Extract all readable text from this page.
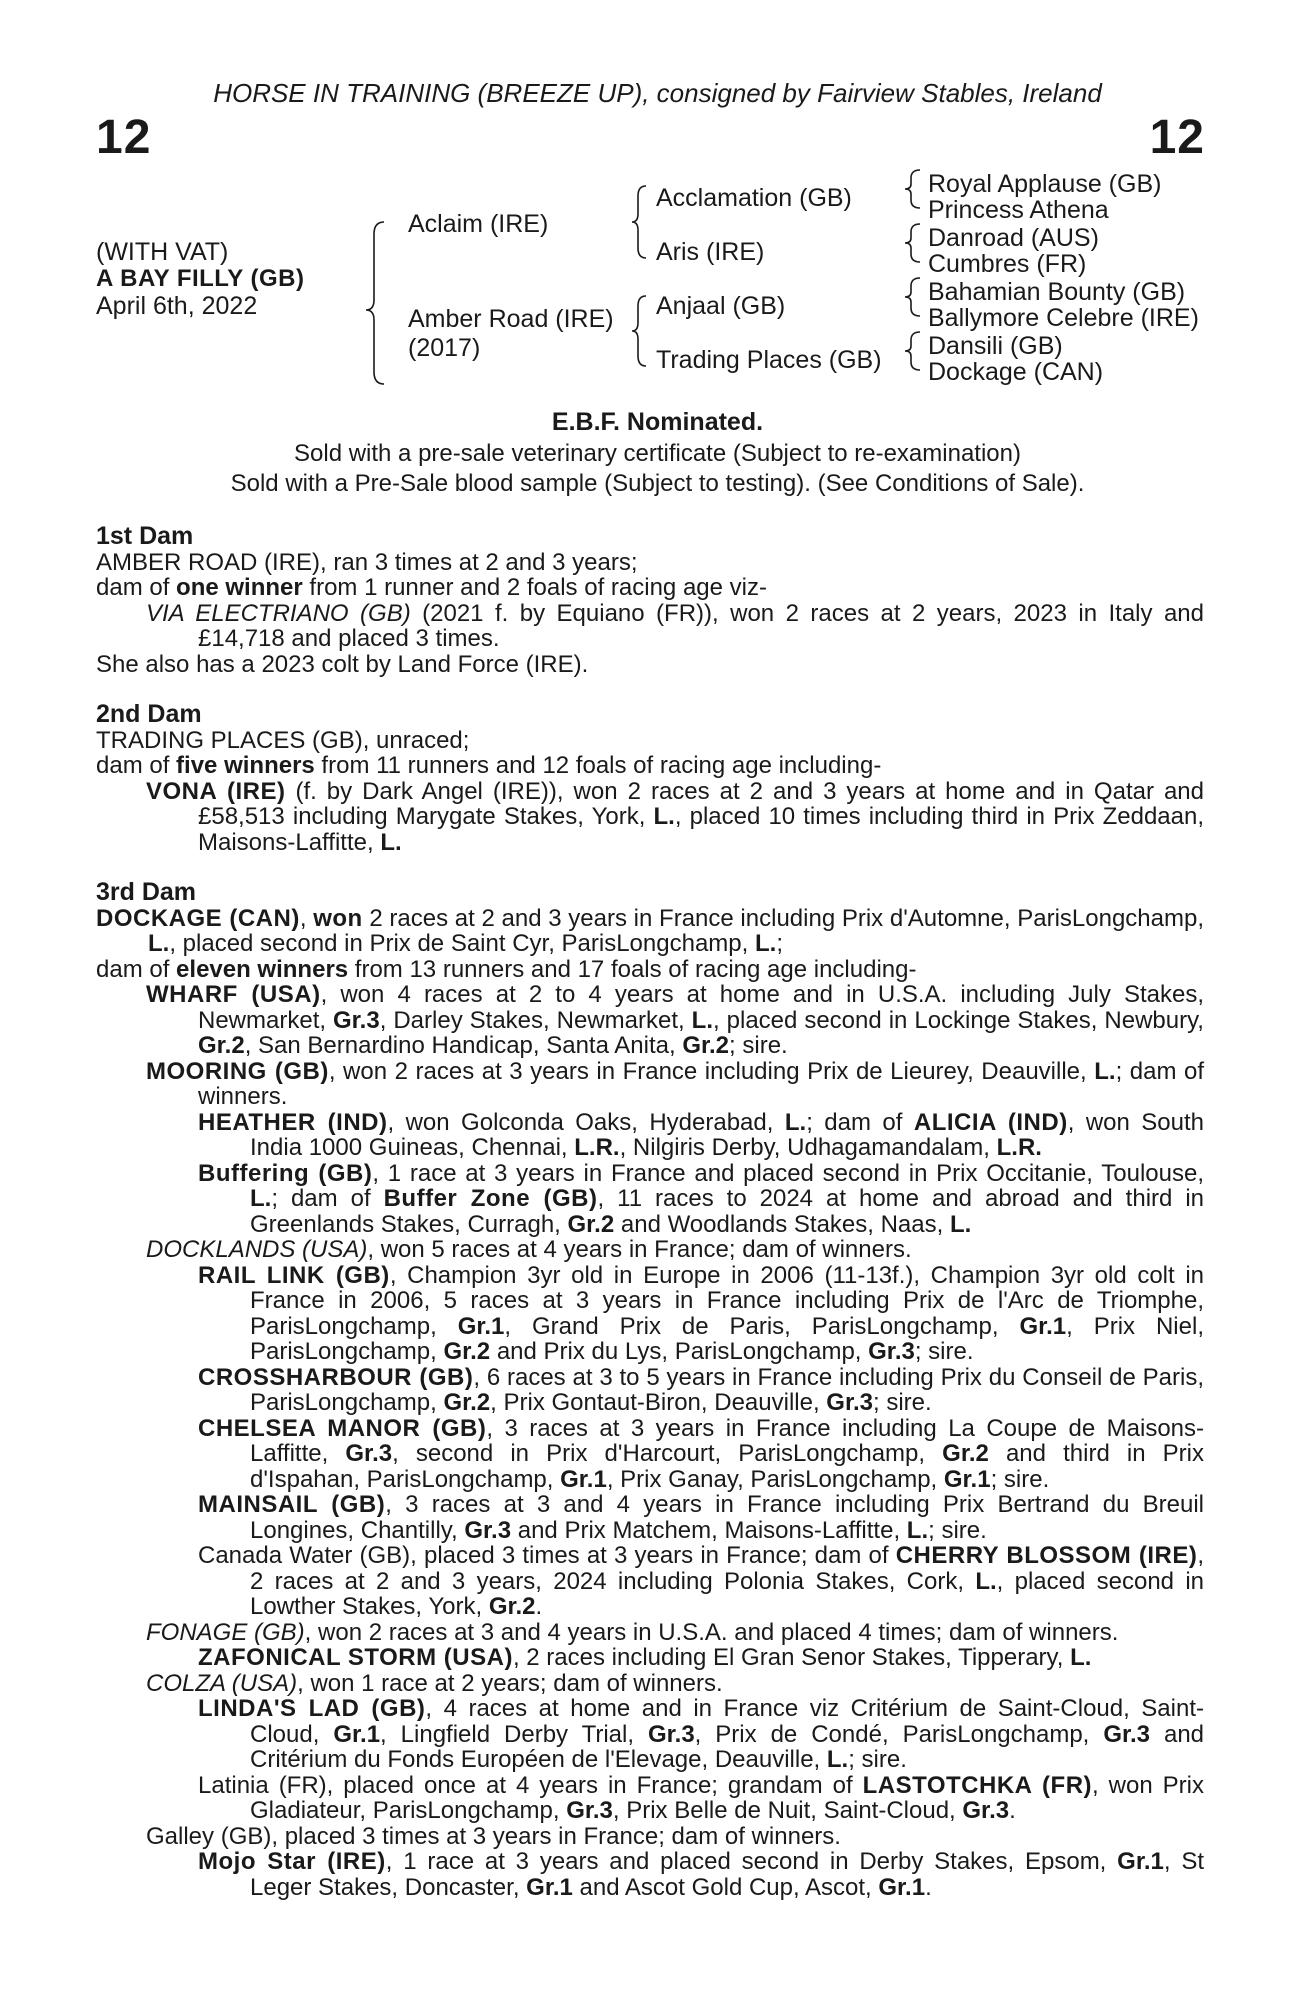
HORSE IN TRAINING (BREEZE UP), consigned by Fairview Stables, Ireland
12	12
(WITH VAT)
A BAY FILLY (GB)
April 6th, 2022
Aclaim (IRE)
Amber Road (IRE)
(2017)
Acclamation (GB)
Aris (IRE)
Anjaal (GB)
Trading Places (GB)
Royal Applause (GB)
Princess Athena
Danroad (AUS)
Cumbres (FR)
Bahamian Bounty (GB)
Ballymore Celebre (IRE)
Dansili (GB)
Dockage (CAN)
E.B.F. Nominated.
Sold with a pre-sale veterinary certificate (Subject to re-examination)
Sold with a Pre-Sale blood sample (Subject to testing). (See Conditions of Sale).
1st Dam
AMBER ROAD (IRE), ran 3 times at 2 and 3 years;
dam of one winner from 1 runner and 2 foals of racing age viz-
VIA ELECTRIANO (GB) (2021 f. by Equiano (FR)), won 2 races at 2 years, 2023 in Italy and £14,718 and placed 3 times.
She also has a 2023 colt by Land Force (IRE).
2nd Dam
TRADING PLACES (GB), unraced;
dam of five winners from 11 runners and 12 foals of racing age including-
VONA (IRE) (f. by Dark Angel (IRE)), won 2 races at 2 and 3 years at home and in Qatar and £58,513 including Marygate Stakes, York, L., placed 10 times including third in Prix Zeddaan, Maisons-Laffitte, L.
3rd Dam
DOCKAGE (CAN), won 2 races at 2 and 3 years in France including Prix d'Automne, ParisLongchamp, L., placed second in Prix de Saint Cyr, ParisLongchamp, L.;
dam of eleven winners from 13 runners and 17 foals of racing age including-
WHARF (USA), won 4 races at 2 to 4 years at home and in U.S.A. including July Stakes, Newmarket, Gr.3, Darley Stakes, Newmarket, L., placed second in Lockinge Stakes, Newbury, Gr.2, San Bernardino Handicap, Santa Anita, Gr.2; sire.
MOORING (GB), won 2 races at 3 years in France including Prix de Lieurey, Deauville, L.; dam of winners.
HEATHER (IND), won Golconda Oaks, Hyderabad, L.; dam of ALICIA (IND), won South India 1000 Guineas, Chennai, L.R., Nilgiris Derby, Udhagamandalam, L.R.
Buffering (GB), 1 race at 3 years in France and placed second in Prix Occitanie, Toulouse, L.; dam of Buffer Zone (GB), 11 races to 2024 at home and abroad and third in Greenlands Stakes, Curragh, Gr.2 and Woodlands Stakes, Naas, L.
DOCKLANDS (USA), won 5 races at 4 years in France; dam of winners.
RAIL LINK (GB), Champion 3yr old in Europe in 2006 (11-13f.), Champion 3yr old colt in France in 2006, 5 races at 3 years in France including Prix de l'Arc de Triomphe, ParisLongchamp, Gr.1, Grand Prix de Paris, ParisLongchamp, Gr.1, Prix Niel, ParisLongchamp, Gr.2 and Prix du Lys, ParisLongchamp, Gr.3; sire.
CROSSHARBOUR (GB), 6 races at 3 to 5 years in France including Prix du Conseil de Paris, ParisLongchamp, Gr.2, Prix Gontaut-Biron, Deauville, Gr.3; sire.
CHELSEA MANOR (GB), 3 races at 3 years in France including La Coupe de Maisons-Laffitte, Gr.3, second in Prix d'Harcourt, ParisLongchamp, Gr.2 and third in Prix d'Ispahan, ParisLongchamp, Gr.1, Prix Ganay, ParisLongchamp, Gr.1; sire.
MAINSAIL (GB), 3 races at 3 and 4 years in France including Prix Bertrand du Breuil Longines, Chantilly, Gr.3 and Prix Matchem, Maisons-Laffitte, L.; sire.
Canada Water (GB), placed 3 times at 3 years in France; dam of CHERRY BLOSSOM (IRE), 2 races at 2 and 3 years, 2024 including Polonia Stakes, Cork, L., placed second in Lowther Stakes, York, Gr.2.
FONAGE (GB), won 2 races at 3 and 4 years in U.S.A. and placed 4 times; dam of winners.
ZAFONICAL STORM (USA), 2 races including El Gran Senor Stakes, Tipperary, L.
COLZA (USA), won 1 race at 2 years; dam of winners.
LINDA'S LAD (GB), 4 races at home and in France viz Critérium de Saint-Cloud, Saint-Cloud, Gr.1, Lingfield Derby Trial, Gr.3, Prix de Condé, ParisLongchamp, Gr.3 and Critérium du Fonds Européen de l'Elevage, Deauville, L.; sire.
Latinia (FR), placed once at 4 years in France; grandam of LASTOTCHKA (FR), won Prix Gladiateur, ParisLongchamp, Gr.3, Prix Belle de Nuit, Saint-Cloud, Gr.3.
Galley (GB), placed 3 times at 3 years in France; dam of winners.
Mojo Star (IRE), 1 race at 3 years and placed second in Derby Stakes, Epsom, Gr.1, St Leger Stakes, Doncaster, Gr.1 and Ascot Gold Cup, Ascot, Gr.1.
